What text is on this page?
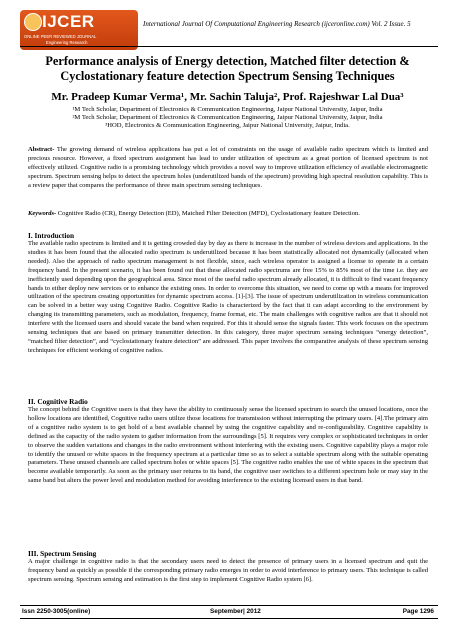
IJCER
ONLINE PEER REVIEWED JOURNAL
Engineering Research
International Journal Of Computational Engineering Research (ijceronline.com) Vol. 2 Issue. 5
Performance analysis of Energy detection, Matched filter detection & Cyclostationary feature detection Spectrum Sensing Techniques
Mr. Pradeep Kumar Verma¹, Mr. Sachin Taluja², Prof. Rajeshwar Lal Dua³
¹M Tech Scholar, Department of Electronics & Communication Engineering, Jaipur National University, Jaipur, India
²M Tech Scholar, Department of Electronics & Communication Engineering, Jaipur National University, Jaipur, India
³HOD, Electronics & Communication Engineering, Jaipur National University, Jaipur, India.
Abstract- The growing demand of wireless applications has put a lot of constraints on the usage of available radio spectrum which is limited and precious resource. However, a fixed spectrum assignment has lead to under utilization of spectrum as a great portion of licensed spectrum is not effectively utilized. Cognitive radio is a promising technology which provides a novel way to improve utilization efficiency of available electromagnetic spectrum. Spectrum sensing helps to detect the spectrum holes (underutilized bands of the spectrum) providing high spectral resolution capability. This is a review paper that compares the performance of three main spectrum sensing techniques.
Keywords- Cognitive Radio (CR), Energy Detection (ED), Matched Filter Detection (MFD), Cyclostationary feature Detection.
I. Introduction
The available radio spectrum is limited and it is getting crowded day by day as there is increase in the number of wireless devices and applications. In the studies it has been found that the allocated radio spectrum is underutilized because it has been statistically allocated not dynamically (allocated when needed). Also the approach of radio spectrum management is not flexible, since, each wireless operator is assigned a license to operate in a certain frequency band. In the present scenario, it has been found out that these allocated radio spectrums are free 15% to 85% most of the time i.e. they are inefficiently used depending upon the geographical area. Since most of the useful radio spectrum already allocated, it is difficult to find vacant frequency bands to either deploy new services or to enhance the existing ones. In order to overcome this situation, we need to come up with a means for improved utilization of the spectrum creating opportunities for dynamic spectrum access. [1]-[3]. The issue of spectrum underutilization in wireless communication can be solved in a better way using Cognitive Radio. Cognitive Radio is characterized by the fact that it can adapt according to the environment by changing its transmitting parameters, such as modulation, frequency, frame format, etc. The main challenges with cognitive radios are that it should not interfere with the licensed users and should vacate the band when required. For this it should sense the signals faster. This work focuses on the spectrum sensing techniques that are based on primary transmitter detection. In this category, three major spectrum sensing techniques “energy detection”, “matched filter detection”, and “cyclostationary feature detection” are addressed. This paper involves the comparative analysis of these spectrum sensing techniques for efficient working of cognitive radios.
II. Cognitive Radio
The concept behind the Cognitive users is that they have the ability to continuously sense the licensed spectrum to search the unused locations, once the hollow locations are identified, Cognitive radio users utilize those locations for transmission without interrupting the primary users. [4].The primary aim of a cognitive radio system is to get hold of a best available channel by using the cognitive capability and re-configurability. Cognitive capability is defined as the capacity of the radio system to gather information from the surroundings [5]. It requires very complex or sophisticated techniques in order to observe the sudden variations and changes in the radio environment without interfering with the existing users. Cognitive capability plays a major role to identify the unused or white spaces in the frequency spectrum at a particular time so as to select a suitable spectrum along with the suitable operating parameters. These unused channels are called spectrum holes or white spaces [5]. The cognitive radio enables the use of white spaces in the spectrum that become available temporarily. As soon as the primary user returns to its band, the cognitive user switches to a different spectrum hole or may stay in the same band but alters the power level and modulation method for avoiding interference to the existing licensed users in that band.
III. Spectrum Sensing
A major challenge in cognitive radio is that the secondary users need to detect the presence of primary users in a licensed spectrum and quit the frequency band as quickly as possible if the corresponding primary radio emerges in order to avoid interference to primary users. This technique is called spectrum sensing. Spectrum sensing and estimation is the first step to implement Cognitive Radio system [6].
Issn 2250-3005(online)	September| 2012	Page 1296
